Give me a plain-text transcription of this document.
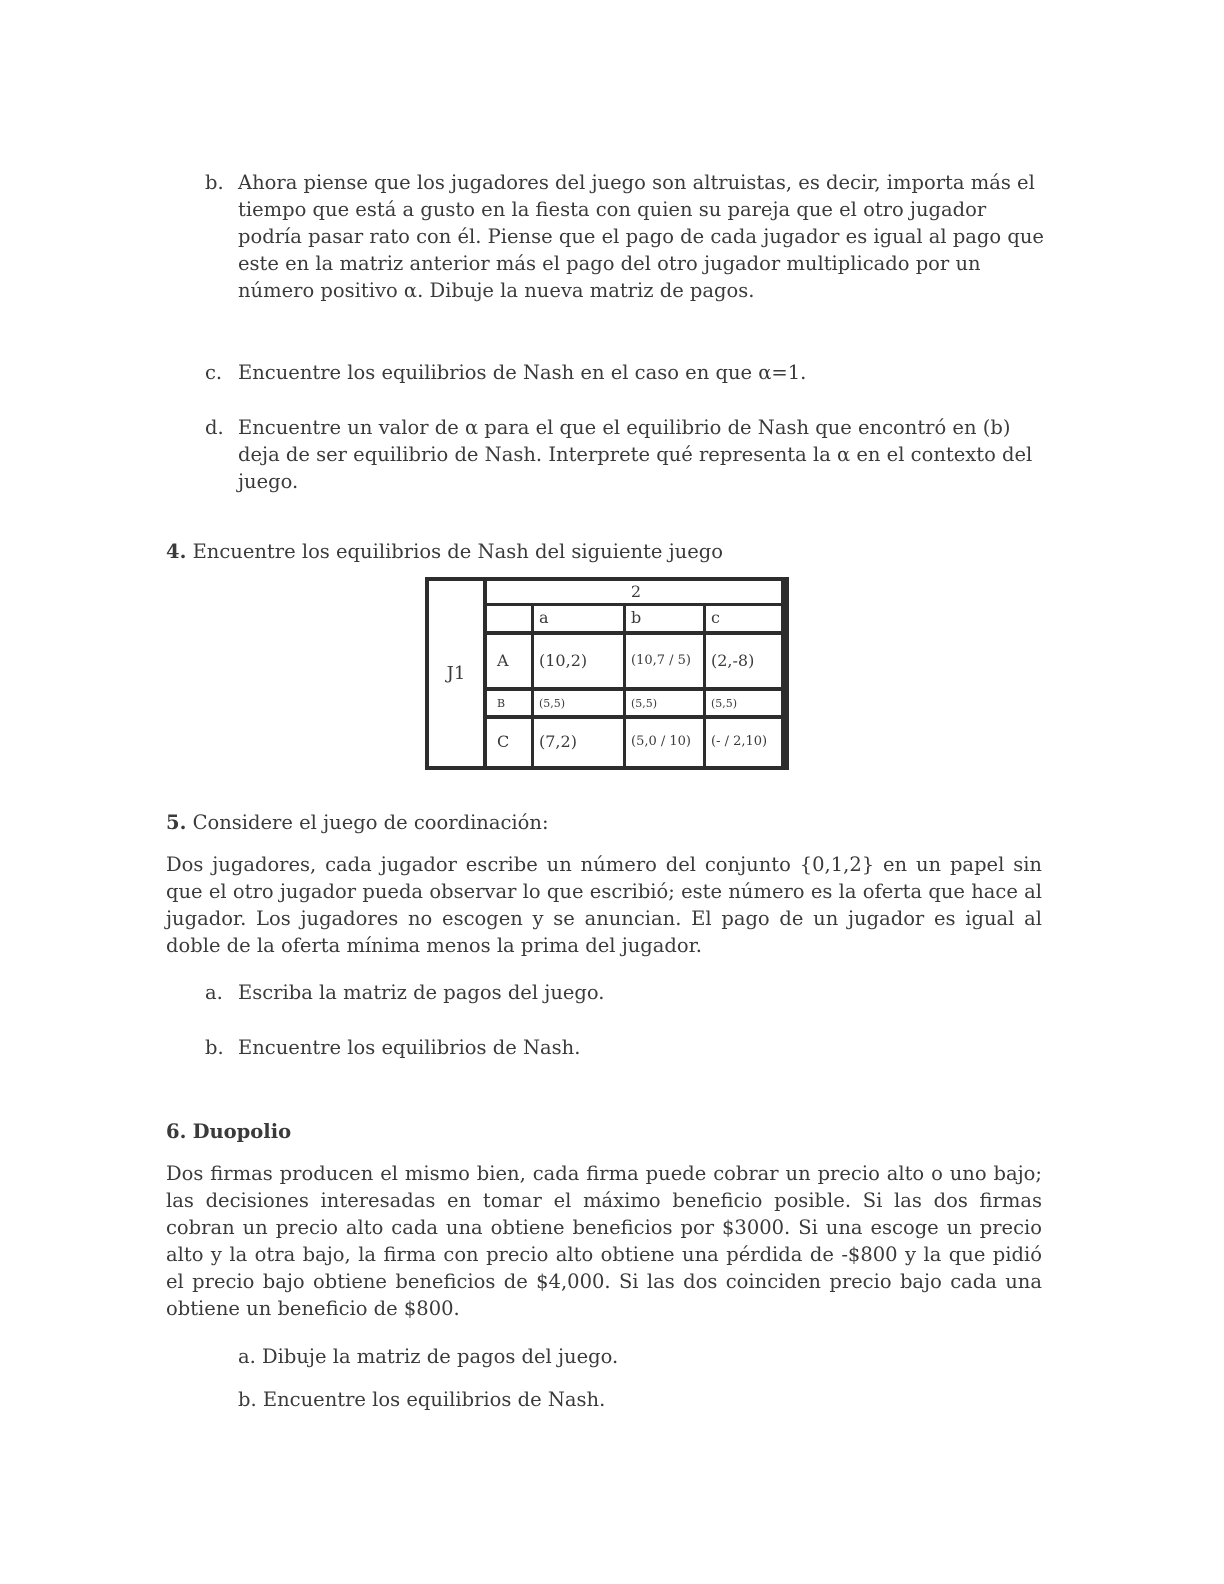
b. Ahora piense que los jugadores del juego son altruistas, es decir, importa más el tiempo que está a gusto en la fiesta con quien su pareja que el otro jugador podría pasar rato con él. Piense que el pago de cada jugador es igual al pago que este en la matriz anterior más el pago del otro jugador multiplicado por un número positivo α. Dibuje la nueva matriz de pagos.
c. Encuentre los equilibrios de Nash en el caso en que α=1.
d. Encuentre un valor de α para el que el equilibrio de Nash que encontró en (b) deja de ser equilibrio de Nash. Interprete qué representa la α en el contexto del juego.
4. Encuentre los equilibrios de Nash del siguiente juego
J1
2
a	b	c
A	(10,2)	(10,7 / 5)	(2,-8)
B	(5,5)	(5,5)	(5,5)
C	(7,2)	(5,0 / 10)	(- / 2,10)
5. Considere el juego de coordinación:
Dos jugadores, cada jugador escribe un número del conjunto {0,1,2} en un papel sin que el otro jugador pueda observar lo que escribió; este número es la oferta que hace al jugador. Los jugadores no escogen y se anuncian. El pago de un jugador es igual al doble de la oferta mínima menos la prima del jugador.
a. Escriba la matriz de pagos del juego.
b. Encuentre los equilibrios de Nash.
6. Duopolio
Dos firmas producen el mismo bien, cada firma puede cobrar un precio alto o uno bajo; las decisiones interesadas en tomar el máximo beneficio posible. Si las dos firmas cobran un precio alto cada una obtiene beneficios por $3000. Si una escoge un precio alto y la otra bajo, la firma con precio alto obtiene una pérdida de -$800 y la que pidió el precio bajo obtiene beneficios de $4,000. Si las dos coinciden precio bajo cada una obtiene un beneficio de $800.
a. Dibuje la matriz de pagos del juego.
b. Encuentre los equilibrios de Nash.
